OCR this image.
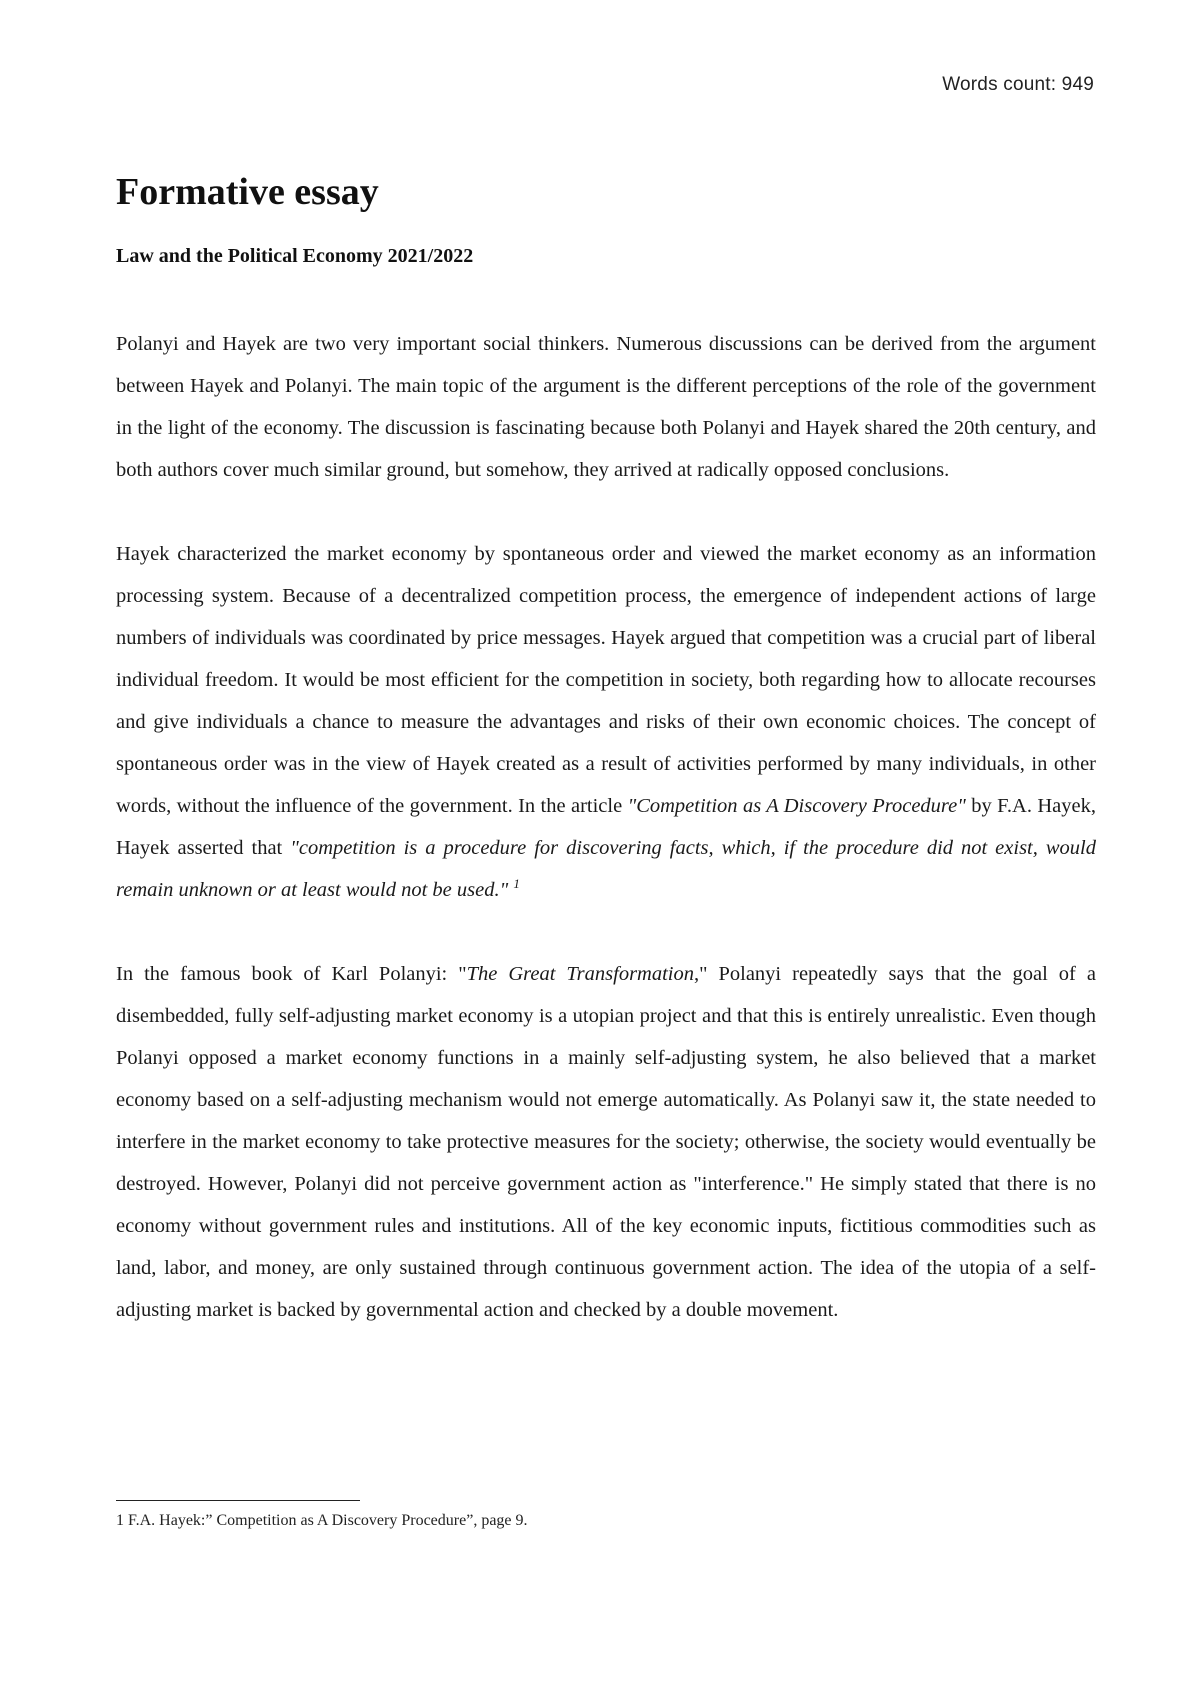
Words count: 949
Formative essay
Law and the Political Economy 2021/2022

Polanyi and Hayek are two very important social thinkers. Numerous discussions can be derived from the argument between Hayek and Polanyi. The main topic of the argument is the different perceptions of the role of the government in the light of the economy. The discussion is fascinating because both Polanyi and Hayek shared the 20th century, and both authors cover much similar ground, but somehow, they arrived at radically opposed conclusions.

Hayek characterized the market economy by spontaneous order and viewed the market economy as an information processing system. Because of a decentralized competition process, the emergence of independent actions of large numbers of individuals was coordinated by price messages. Hayek argued that competition was a crucial part of liberal individual freedom. It would be most efficient for the competition in society, both regarding how to allocate recourses and give individuals a chance to measure the advantages and risks of their own economic choices. The concept of spontaneous order was in the view of Hayek created as a result of activities performed by many individuals, in other words, without the influence of the government. In the article "Competition as A Discovery Procedure" by F.A. Hayek, Hayek asserted that "competition is a procedure for discovering facts, which, if the procedure did not exist, would remain unknown or at least would not be used." $^1$

In the famous book of Karl Polanyi: "The Great Transformation," Polanyi repeatedly says that the goal of a disembedded, fully self-adjusting market economy is a utopian project and that this is entirely unrealistic. Even though Polanyi opposed a market economy functions in a mainly self-adjusting system, he also believed that a market economy based on a self-adjusting mechanism would not emerge automatically. As Polanyi saw it, the state needed to interfere in the market economy to take protective measures for the society; otherwise, the society would eventually be destroyed. However, Polanyi did not perceive government action as "interference." He simply stated that there is no economy without government rules and institutions. All of the key economic inputs, fictitious commodities such as land, labor, and money, are only sustained through continuous government action. The idea of the utopia of a self-adjusting market is backed by governmental action and checked by a double movement.

1 F.A. Hayek:” Competition as A Discovery Procedure”, page 9.
